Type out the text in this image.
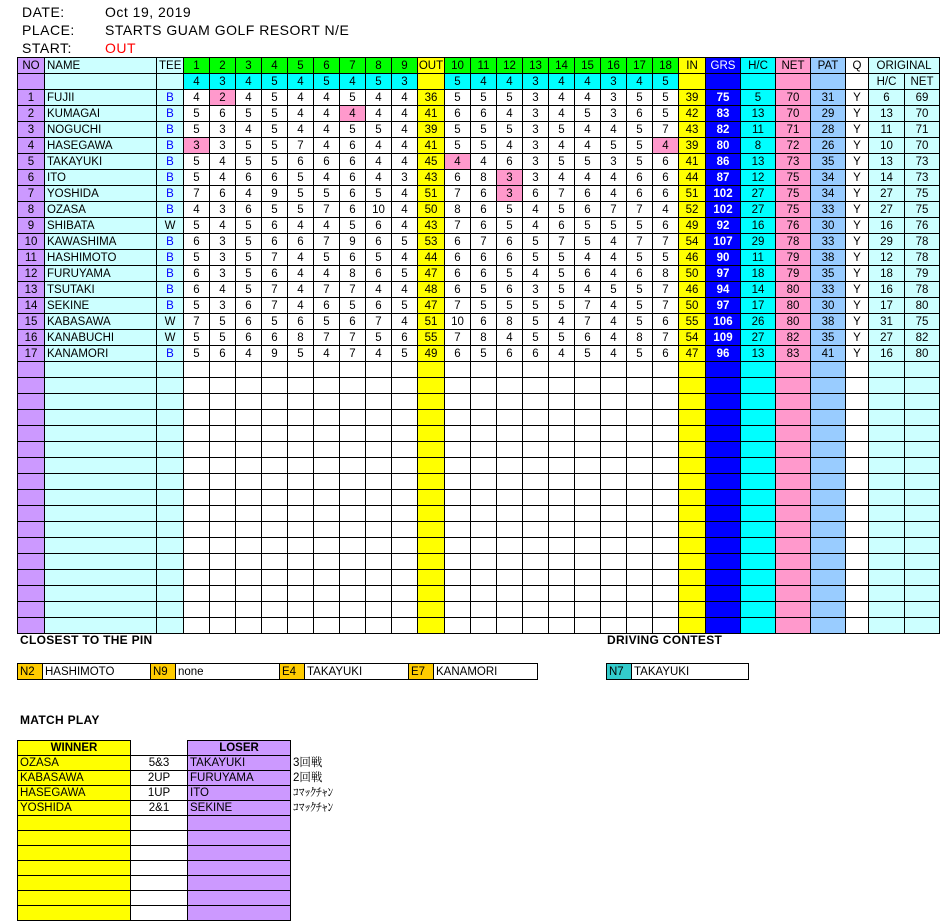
DATE:	Oct 19, 2019
PLACE: STARTS GUAM GOLF RESORT N/E
START: OUT
NO	NAME	TEE	1	2	3	4	5	6	7	8	9	OUT	10	11	12	13	14	15	16	17	18	IN	GRS	H/C	NET	PAT	Q	ORIGINAL	
			4	3	4	5	4	5	4	5	3		5	4	4	3	4	4	3	4	5							H/C	NET
1	FUJII	B	4	2	4	5	4	4	5	4	4	36	5	5	5	3	4	4	3	5	5	39	75	5	70	31	Y	6	69
2	KUMAGAI	B	5	6	5	5	4	4	4	4	4	41	6	6	4	3	4	5	3	6	5	42	83	13	70	29	Y	13	70
3	NOGUCHI	B	5	3	4	5	4	4	5	5	4	39	5	5	5	3	5	4	4	5	7	43	82	11	71	28	Y	11	71
4	HASEGAWA	B	3	3	5	5	7	4	6	4	4	41	5	5	4	3	4	4	5	5	4	39	80	8	72	26	Y	10	70
5	TAKAYUKI	B	5	4	5	5	6	6	6	4	4	45	4	4	6	3	5	5	3	5	6	41	86	13	73	35	Y	13	73
6	ITO	B	5	4	6	6	5	4	6	4	3	43	6	8	3	3	4	4	4	6	6	44	87	12	75	34	Y	14	73
7	YOSHIDA	B	7	6	4	9	5	5	6	5	4	51	7	6	3	6	7	6	4	6	6	51	102	27	75	34	Y	27	75
8	OZASA	B	4	3	6	5	5	7	6	10	4	50	8	6	5	4	5	6	7	7	4	52	102	27	75	33	Y	27	75
9	SHIBATA	W	5	4	5	6	4	4	5	6	4	43	7	6	5	4	6	5	5	5	6	49	92	16	76	30	Y	16	76
10	KAWASHIMA	B	6	3	5	6	6	7	9	6	5	53	6	7	6	5	7	5	4	7	7	54	107	29	78	33	Y	29	78
11	HASHIMOTO	B	5	3	5	7	4	5	6	5	4	44	6	6	6	5	5	4	4	5	5	46	90	11	79	38	Y	12	78
12	FURUYAMA	B	6	3	5	6	4	4	8	6	5	47	6	6	5	4	5	6	4	6	8	50	97	18	79	35	Y	18	79
13	TSUTAKI	B	6	4	5	7	4	7	7	4	4	48	6	5	6	3	5	4	5	5	7	46	94	14	80	33	Y	16	78
14	SEKINE	B	5	3	6	7	4	6	5	6	5	47	7	5	5	5	5	7	4	5	7	50	97	17	80	30	Y	17	80
15	KABASAWA	W	7	5	6	5	6	5	6	7	4	51	10	6	8	5	4	7	4	5	6	55	106	26	80	38	Y	31	75
16	KANABUCHI	W	5	5	6	6	8	7	7	5	6	55	7	8	4	5	5	6	4	8	7	54	109	27	82	35	Y	27	82
17	KANAMORI	B	5	6	4	9	5	4	7	4	5	49	6	5	6	6	4	5	4	5	6	47	96	13	83	41	Y	16	80

CLOSEST TO THE PIN
N2	HASHIMOTO	N9	none	E4	TAKAYUKI	E7	KANAMORI
DRIVING CONTEST
N7	TAKAYUKI
MATCH PLAY
WINNER		LOSER	
OZASA	5&3	TAKAYUKI	3回戦
KABASAWA	2UP	FURUYAMA	2回戦
HASEGAWA	1UP	ITO	ｺﾏｯｸﾁｬﾝ
YOSHIDA	2&1	SEKINE	ｺﾏｯｸﾁｬﾝ
